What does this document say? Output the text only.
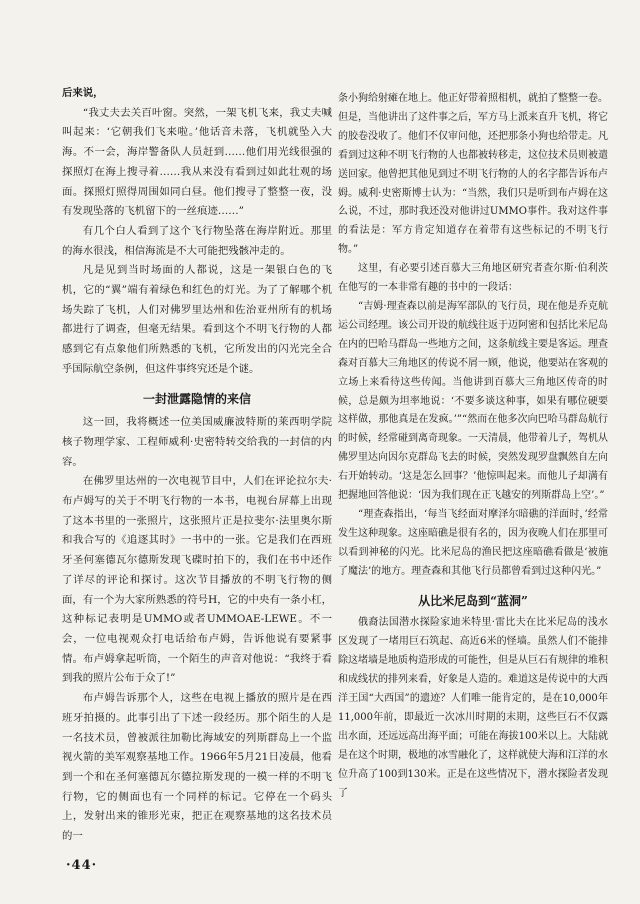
后来说，

“我丈夫去关百叶窗。突然，一架飞机飞来，我丈夫喊叫起来：‘它朝我们飞来啦。’他话音未落，飞机就坠入大海。不一会，海岸警备队人员赶到……他们用光线很强的探照灯在海上搜寻着……我从来没有看到过如此壮观的场面。探照灯照得周围如同白昼。他们搜寻了整整一夜，没有发现坠落的飞机留下的一丝痕迹……”

有几个白人看到了这个飞行物坠落在海岸附近。那里的海水很浅，相信海流是不大可能把残骸冲走的。

凡是见到当时场面的人都说，这是一架银白色的飞机，它的“翼”端有着绿色和红色的灯光。为了了解哪个机场失踪了飞机，人们对佛罗里达州和佐治亚州所有的机场都进行了调查，但毫无结果。看到这个不明飞行物的人都感到它有点象他们所熟悉的飞机，它所发出的闪光完全合乎国际航空条例，但这件事终究还是个谜。

一封泄露隐情的来信

这一回，我将概述一位美国威廉波特斯的莱西明学院核子物理学家、工程师威利·史密特转交给我的一封信的内容。

在佛罗里达州的一次电视节目中，人们在评论拉尔夫·布卢姆写的关于不明飞行物的一本书，电视台屏幕上出现了这本书里的一张照片，这张照片正是拉斐尔·法里奥尔斯和我合写的《追逐其时》一书中的一张。它是我们在西班牙圣何塞德瓦尔德斯发现飞碟时拍下的，我们在书中还作了详尽的评论和探讨。这次节目播放的不明飞行物的侧面，有一个为大家所熟悉的符号H，它的中央有一条小杠，这种标记表明是UMMO或者UMMOAE-LEWE。不一会，一位电视观众打电话给布卢姆，告诉他说有要紧事情。布卢姆拿起听筒，一个陌生的声音对他说：“我终于看到我的照片公布于众了!”

布卢姆告诉那个人，这些在电视上播放的照片是在西班牙拍摄的。此事引出了下述一段经历。那个陌生的人是一名技术员，曾被派往加勒比海域安的列斯群岛上一个监视火箭的美军观察基地工作。1966年5月21日凌晨，他看到一个和在圣何塞德瓦尔德拉斯发现的一模一样的不明飞行物，它的侧面也有一个同样的标记。它停在一个码头上，发射出来的锥形光束，把正在观察基地的这名技术员的一

条小狗给射瘫在地上。他正好带着照相机，就拍了整整一卷。但是，当他讲出了这件事之后，军方马上派来直升飞机，将它的胶卷没收了。他们不仅审问他，还把那条小狗也给带走。凡看到过这种不明飞行物的人也都被转移走，这位技术员则被遣送回家。他曾把其他见到过不明飞行物的人的名字都告诉布卢姆。威利·史密斯博士认为：“当然，我们只是听到布卢姆在这么说，不过，那时我还没对他讲过UMMO事件。我对这件事的看法是：军方肯定知道存在着带有这些标记的不明飞行物。”

这里，有必要引述百慕大三角地区研究者查尔斯·伯利茨在他写的一本非常有趣的书中的一段话：

“吉姆·理查森以前是海军部队的飞行员，现在他是乔克航运公司经理。该公司开设的航线往返于迈阿密和包括比米尼岛在内的巴哈马群岛一些地方之间，这条航线主要是客运。理查森对百慕大三角地区的传说不屑一顾，他说，他要站在客观的立场上来看待这些传闻。当他讲到百慕大三角地区传奇的时候，总是颇为坦率地说：‘不要多谈这种事，如果有哪位硬要这样做，那他真是在发疯。’”“然而在他多次向巴哈马群岛航行的时候，经常碰到离奇现象。一天清晨，他带着儿子，驾机从佛罗里达向因尔克群岛飞去的时候，突然发现罗盘飘然自左向右开始转动。‘这是怎么回事？’他惊叫起来。而他儿子却满有把握地回答他说：‘因为我们现在正飞越安的列斯群岛上空’。”

“理查森指出，‘每当飞经面对摩泽尔暗礁的洋面时，’经常发生这种现象。这座暗礁是很有名的，因为夜晚人们在那里可以看到神秘的闪光。比米尼岛的渔民把这座暗礁看做是‘被施了魔法’的地方。理查森和其他飞行员都曾看到过这种闪光。”

从比米尼岛到“蓝洞”

俄裔法国潜水探险家迪米特里·雷比夫在比米尼岛的浅水区发现了一堵用巨石筑起、高近6米的怪墙。虽然人们不能排除这堵墙是地质构造形成的可能性，但是从巨石有规律的堆积和成线状的排列来看，好象是人造的。难道这是传说中的大西洋王国“大西国”的遗迹？人们唯一能肯定的，是在10,000年11,000年前，即最近一次冰川时期的末期，这些巨石不仅露出水面，还远远高出海平面；可能在海拔100米以上。大陆就是在这个时期，极地的冰雪融化了，这样就使大海和江洋的水位升高了100到130米。正是在这些情况下，潜水探险者发现了

·44·
